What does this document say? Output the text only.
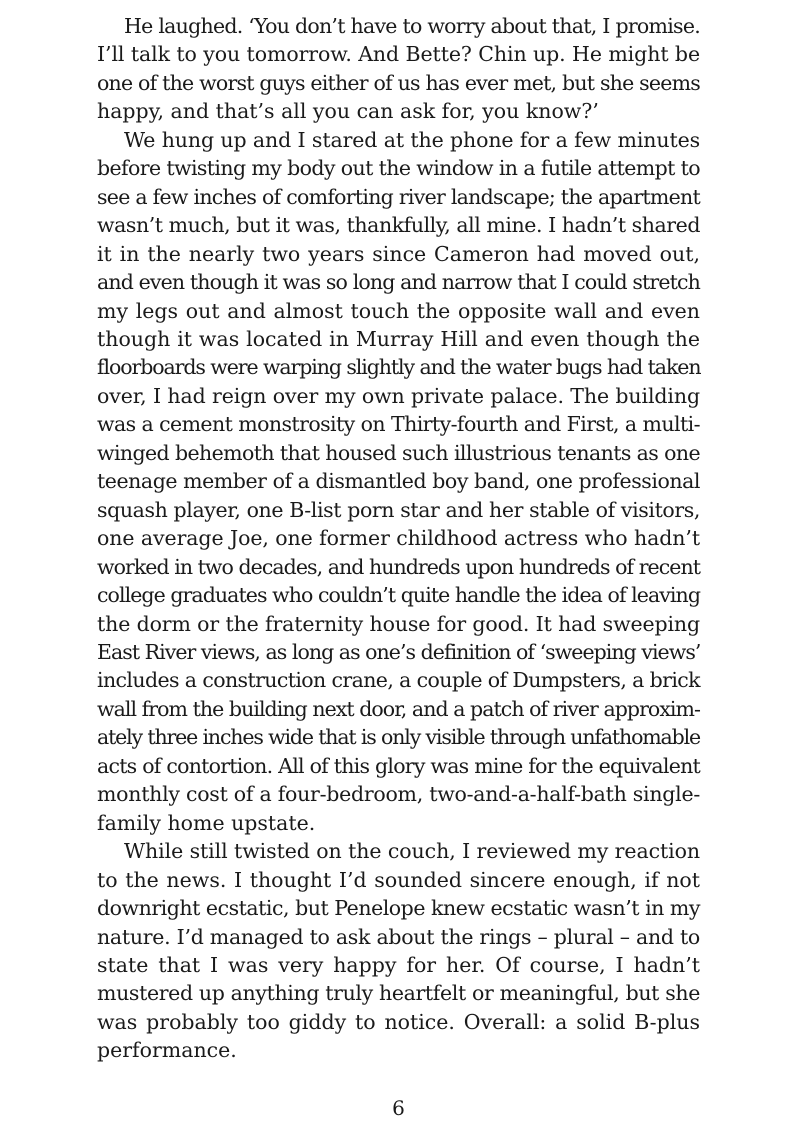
He laughed. ‘You don’t have to worry about that, I promise.
I’ll talk to you tomorrow. And Bette? Chin up. He might be
one of the worst guys either of us has ever met, but she seems
happy, and that’s all you can ask for, you know?’
We hung up and I stared at the phone for a few minutes
before twisting my body out the window in a futile attempt to
see a few inches of comforting river landscape; the apartment
wasn’t much, but it was, thankfully, all mine. I hadn’t shared
it in the nearly two years since Cameron had moved out,
and even though it was so long and narrow that I could stretch
my legs out and almost touch the opposite wall and even
though it was located in Murray Hill and even though the
floorboards were warping slightly and the water bugs had taken
over, I had reign over my own private palace. The building
was a cement monstrosity on Thirty-fourth and First, a multi-
winged behemoth that housed such illustrious tenants as one
teenage member of a dismantled boy band, one professional
squash player, one B-list porn star and her stable of visitors,
one average Joe, one former childhood actress who hadn’t
worked in two decades, and hundreds upon hundreds of recent
college graduates who couldn’t quite handle the idea of leaving
the dorm or the fraternity house for good. It had sweeping
East River views, as long as one’s definition of ‘sweeping views’
includes a construction crane, a couple of Dumpsters, a brick
wall from the building next door, and a patch of river approxim-
ately three inches wide that is only visible through unfathomable
acts of contortion. All of this glory was mine for the equivalent
monthly cost of a four-bedroom, two-and-a-half-bath single-
family home upstate.
While still twisted on the couch, I reviewed my reaction
to the news. I thought I’d sounded sincere enough, if not
downright ecstatic, but Penelope knew ecstatic wasn’t in my
nature. I’d managed to ask about the rings – plural – and to
state that I was very happy for her. Of course, I hadn’t
mustered up anything truly heartfelt or meaningful, but she
was probably too giddy to notice. Overall: a solid B-plus
performance.
6
